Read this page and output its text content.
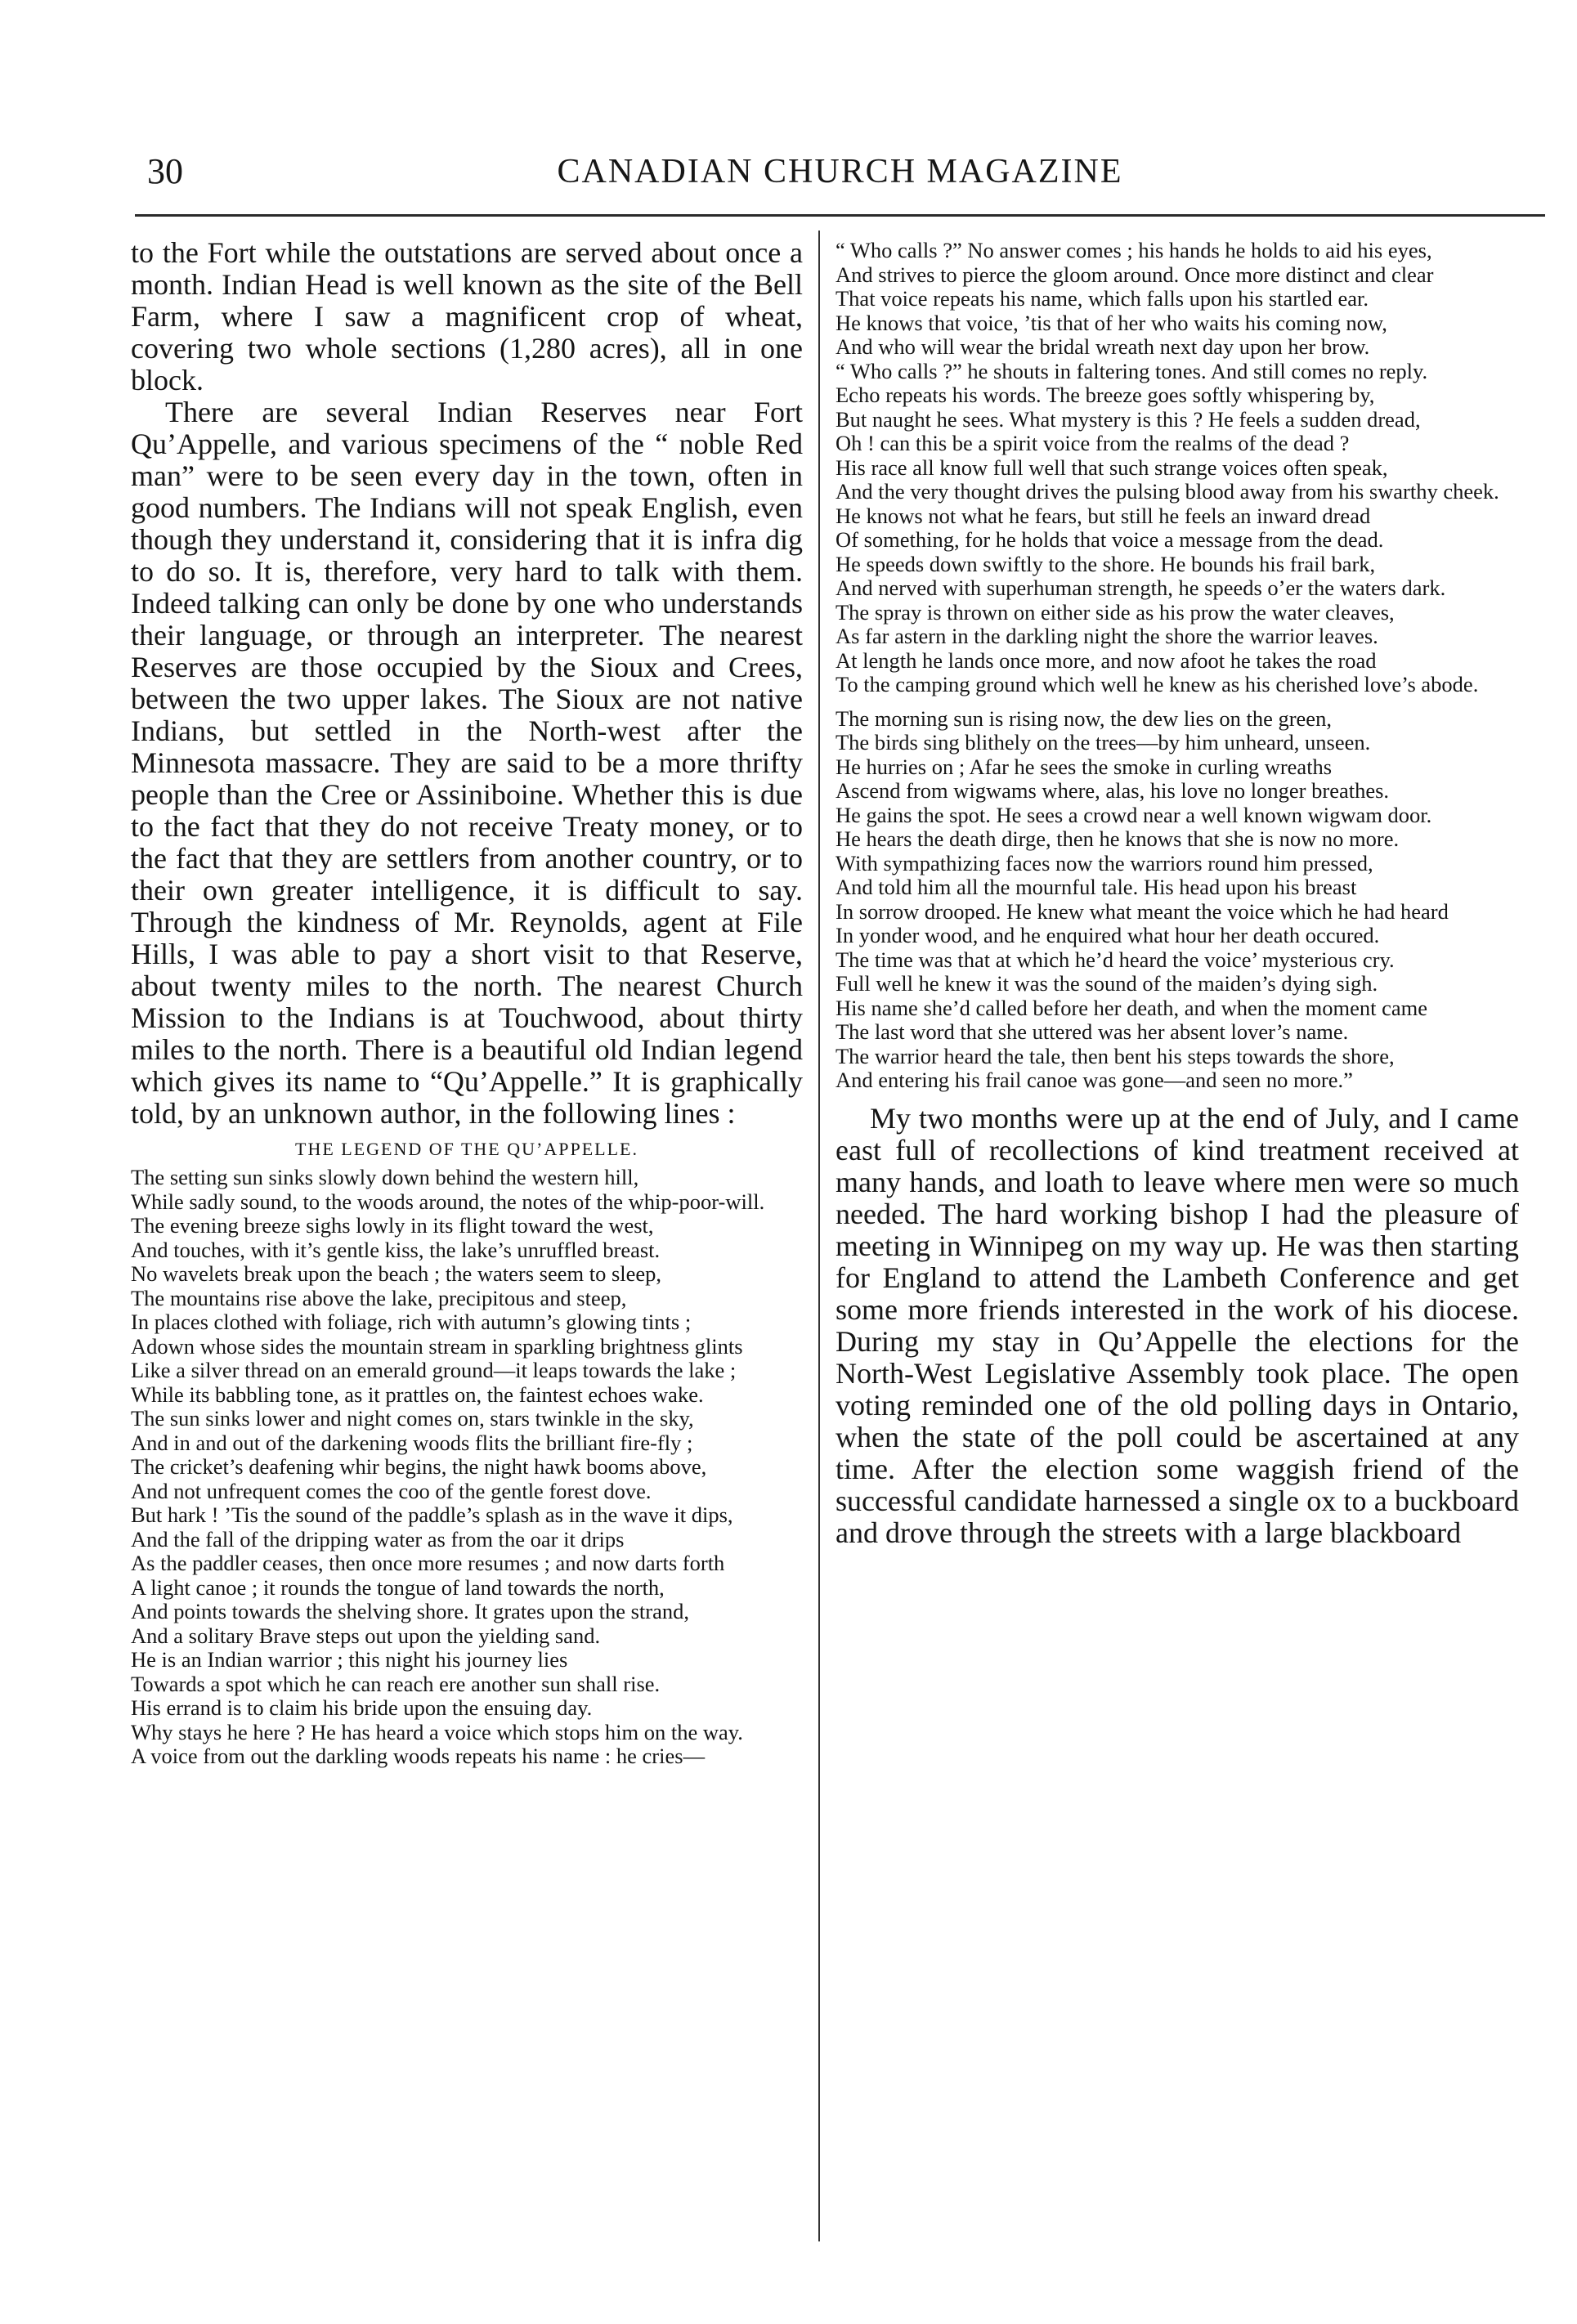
30	CANADIAN CHURCH MAGAZINE

to the Fort while the outstations are served about once a month. Indian Head is well known as the site of the Bell Farm, where I saw a magnificent crop of wheat, covering two whole sections (1,280 acres), all in one block.

There are several Indian Reserves near Fort Qu’Appelle, and various specimens of the “ noble Red man” were to be seen every day in the town, often in good numbers. The Indians will not speak English, even though they understand it, considering that it is infra dig to do so. It is, therefore, very hard to talk with them. Indeed talking can only be done by one who understands their language, or through an interpreter. The nearest Reserves are those occupied by the Sioux and Crees, between the two upper lakes. The Sioux are not native Indians, but settled in the North-west after the Minnesota massacre. They are said to be a more thrifty people than the Cree or Assiniboine. Whether this is due to the fact that they do not receive Treaty money, or to the fact that they are settlers from another country, or to their own greater intelligence, it is difficult to say. Through the kindness of Mr. Reynolds, agent at File Hills, I was able to pay a short visit to that Reserve, about twenty miles to the north. The nearest Church Mission to the Indians is at Touchwood, about thirty miles to the north. There is a beautiful old Indian legend which gives its name to “Qu’Appelle.” It is graphically told, by an unknown author, in the following lines :

THE LEGEND OF THE QU’APPELLE.
The setting sun sinks slowly down behind the western hill,
While sadly sound, to the woods around, the notes of the whip-poor-will.
The evening breeze sighs lowly in its flight toward the west,
And touches, with it’s gentle kiss, the lake’s unruffled breast.
No wavelets break upon the beach ; the waters seem to sleep,
The mountains rise above the lake, precipitous and steep,
In places clothed with foliage, rich with autumn’s glowing tints ;
Adown whose sides the mountain stream in sparkling brightness glints
Like a silver thread on an emerald ground—it leaps towards the lake ;
While its babbling tone, as it prattles on, the faintest echoes wake.
The sun sinks lower and night comes on, stars twinkle in the sky,
And in and out of the darkening woods flits the brilliant fire-fly ;
The cricket’s deafening whir begins, the night hawk booms above,
And not unfrequent comes the coo of the gentle forest dove.
But hark ! ’Tis the sound of the paddle’s splash as in the wave it dips,
And the fall of the dripping water as from the oar it drips
As the paddler ceases, then once more resumes ; and now darts forth
A light canoe ; it rounds the tongue of land towards the north,
And points towards the shelving shore. It grates upon the strand,
And a solitary Brave steps out upon the yielding sand.
He is an Indian warrior ; this night his journey lies
Towards a spot which he can reach ere another sun shall rise.
His errand is to claim his bride upon the ensuing day.
Why stays he here ? He has heard a voice which stops him on the way.
A voice from out the darkling woods repeats his name : he cries—
“ Who calls ?” No answer comes ; his hands he holds to aid his eyes,
And strives to pierce the gloom around. Once more distinct and clear
That voice repeats his name, which falls upon his startled ear.
He knows that voice, ’tis that of her who waits his coming now,
And who will wear the bridal wreath next day upon her brow.
“ Who calls ?” he shouts in faltering tones. And still comes no reply.
Echo repeats his words. The breeze goes softly whispering by,
But naught he sees. What mystery is this ? He feels a sudden dread,
Oh ! can this be a spirit voice from the realms of the dead ?
His race all know full well that such strange voices often speak,
And the very thought drives the pulsing blood away from his swarthy cheek.
He knows not what he fears, but still he feels an inward dread
Of something, for he holds that voice a message from the dead.
He speeds down swiftly to the shore. He bounds his frail bark,
And nerved with superhuman strength, he speeds o’er the waters dark.
The spray is thrown on either side as his prow the water cleaves,
As far astern in the darkling night the shore the warrior leaves.
At length he lands once more, and now afoot he takes the road
To the camping ground which well he knew as his cherished love’s abode.
The morning sun is rising now, the dew lies on the green,
The birds sing blithely on the trees—by him unheard, unseen.
He hurries on ; Afar he sees the smoke in curling wreaths
Ascend from wigwams where, alas, his love no longer breathes.
He gains the spot. He sees a crowd near a well known wigwam door.
He hears the death dirge, then he knows that she is now no more.
With sympathizing faces now the warriors round him pressed,
And told him all the mournful tale. His head upon his breast
In sorrow drooped. He knew what meant the voice which he had heard
In yonder wood, and he enquired what hour her death occured.
The time was that at which he’d heard the voice’ mysterious cry.
Full well he knew it was the sound of the maiden’s dying sigh.
His name she’d called before her death, and when the moment came
The last word that she uttered was her absent lover’s name.
The warrior heard the tale, then bent his steps towards the shore,
And entering his frail canoe was gone—and seen no more.”

My two months were up at the end of July, and I came east full of recollections of kind treatment received at many hands, and loath to leave where men were so much needed. The hard working bishop I had the pleasure of meeting in Winnipeg on my way up. He was then starting for England to attend the Lambeth Conference and get some more friends interested in the work of his diocese. During my stay in Qu’Appelle the elections for the North-West Legislative Assembly took place. The open voting reminded one of the old polling days in Ontario, when the state of the poll could be ascertained at any time. After the election some waggish friend of the successful candidate harnessed a single ox to a buckboard and drove through the streets with a large blackboard
